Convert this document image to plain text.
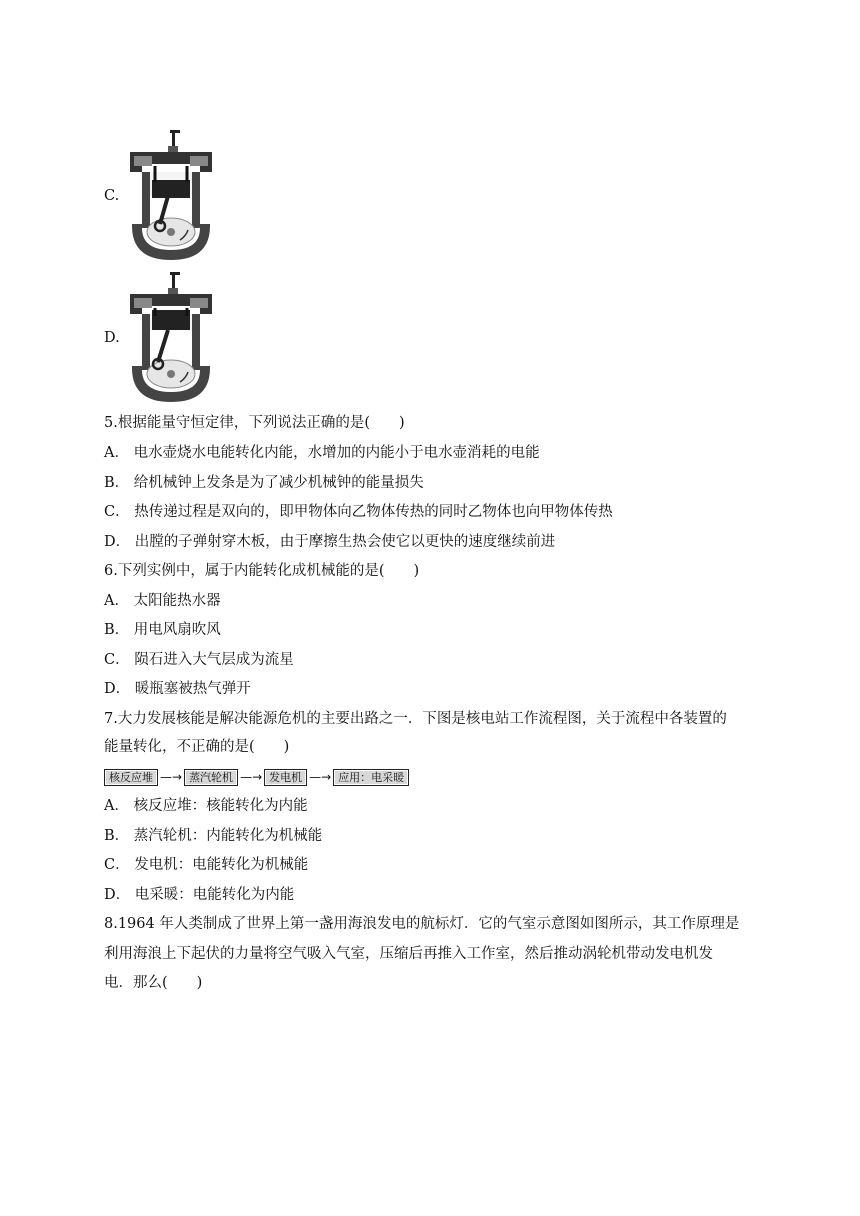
C.
D.
5.根据能量守恒定律，下列说法正确的是(　　)
A． 电水壶烧水电能转化内能，水增加的内能小于电水壶消耗的电能
B． 给机械钟上发条是为了减少机械钟的能量损失
C． 热传递过程是双向的，即甲物体向乙物体传热的同时乙物体也向甲物体传热
D． 出膛的子弹射穿木板，由于摩擦生热会使它以更快的速度继续前进
6.下列实例中，属于内能转化成机械能的是(　　)
A． 太阳能热水器
B． 用电风扇吹风
C． 陨石进入大气层成为流星
D． 暖瓶塞被热气弹开
7.大力发展核能是解决能源危机的主要出路之一．下图是核电站工作流程图，关于流程中各装置的
能量转化，不正确的是(　　)
核反应堆 —→ 蒸汽轮机 —→ 发电机 —→ 应用：电采暖
A． 核反应堆：核能转化为内能
B． 蒸汽轮机：内能转化为机械能
C． 发电机：电能转化为机械能
D． 电采暖：电能转化为内能
8.1964 年人类制成了世界上第一盏用海浪发电的航标灯．它的气室示意图如图所示，其工作原理是
利用海浪上下起伏的力量将空气吸入气室，压缩后再推入工作室，然后推动涡轮机带动发电机发
电．那么(　　)
